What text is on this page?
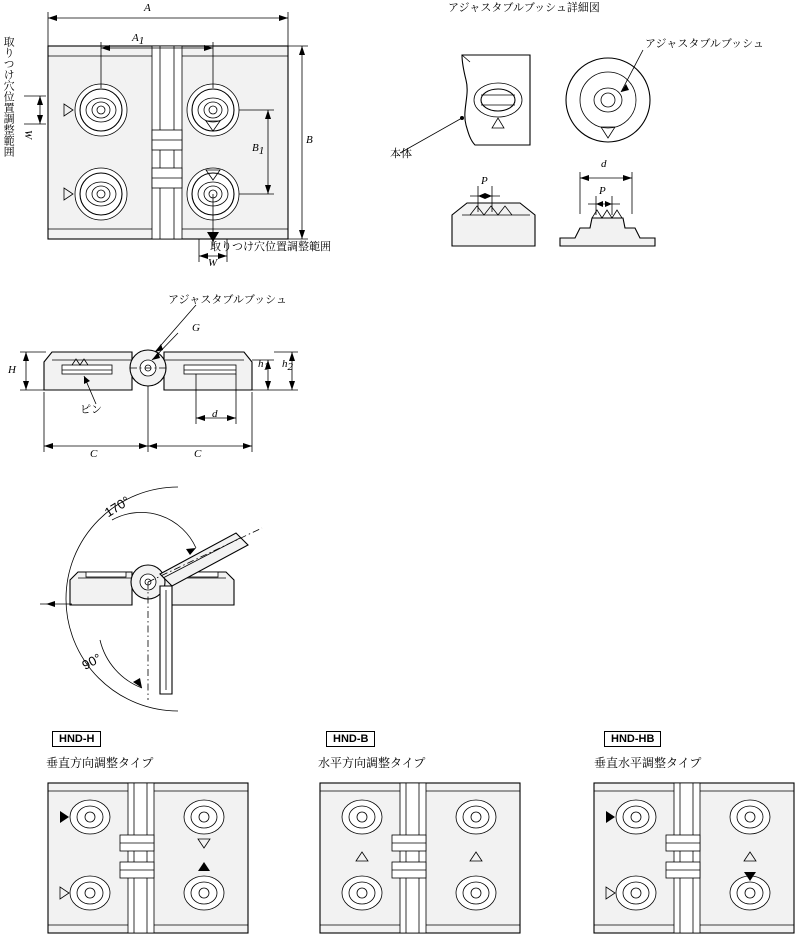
A
A1
B
B1
取りつけ穴位置調整範囲 W
取りつけ穴位置調整範囲
W
アジャスタブルブッシュ詳細図
アジャスタブルブッシュ
本体
P
P
d
アジャスタブルブッシュ
G
ピン
H	h1 h2
d
C	C
170°
90°
HND-H
垂直方向調整タイプ
HND-B
水平方向調整タイプ
HND-HB
垂直水平調整タイプ
